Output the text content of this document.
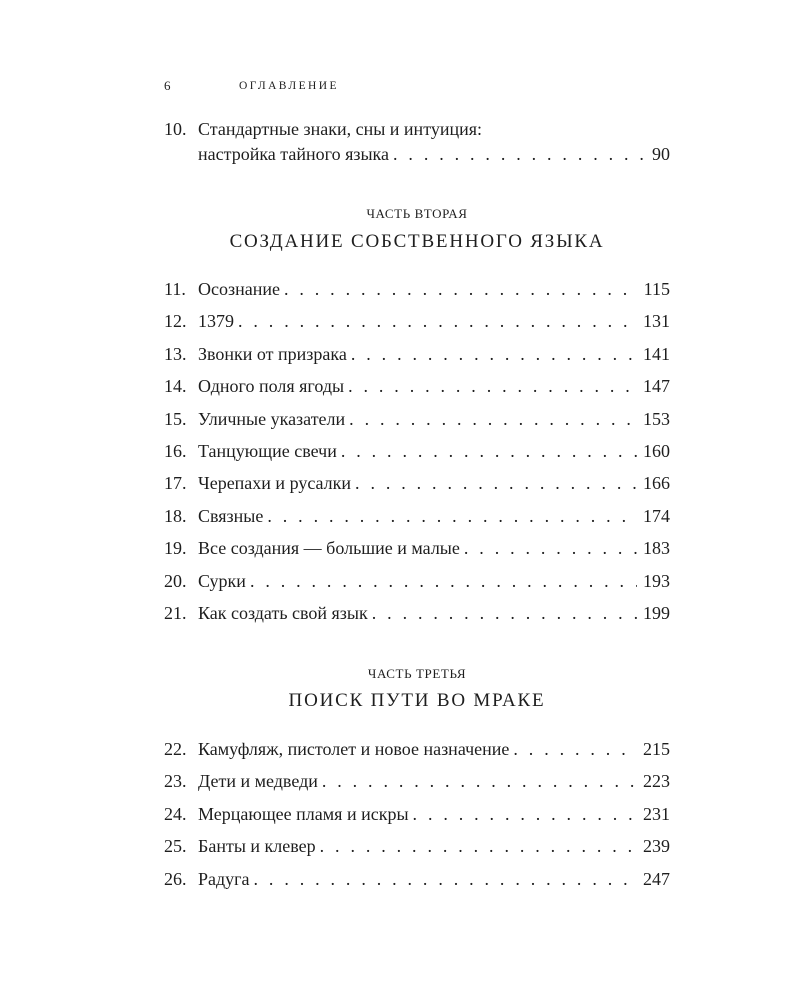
6	ОГЛАВЛЕНИЕ
10. Стандартные знаки, сны и интуиция:
настройка тайного языка . . .	90
ЧАСТЬ ВТОРАЯ
СОЗДАНИЕ СОБСТВЕННОГО ЯЗЫКА
11. Осознание . . .	115
12. 1379 . . .	131
13. Звонки от призрака . . .	141
14. Одного поля ягоды . . .	147
15. Уличные указатели . . .	153
16. Танцующие свечи . . .	160
17. Черепахи и русалки . . .	166
18. Связные . . .	174
19. Все создания — большие и малые . . .	183
20. Сурки . . .	193
21. Как создать свой язык . . .	199
ЧАСТЬ ТРЕТЬЯ
ПОИСК ПУТИ ВО МРАКЕ
22. Камуфляж, пистолет и новое назначение . . .	215
23. Дети и медведи . . .	223
24. Мерцающее пламя и искры . . .	231
25. Банты и клевер . . .	239
26. Радуга . . .	247
